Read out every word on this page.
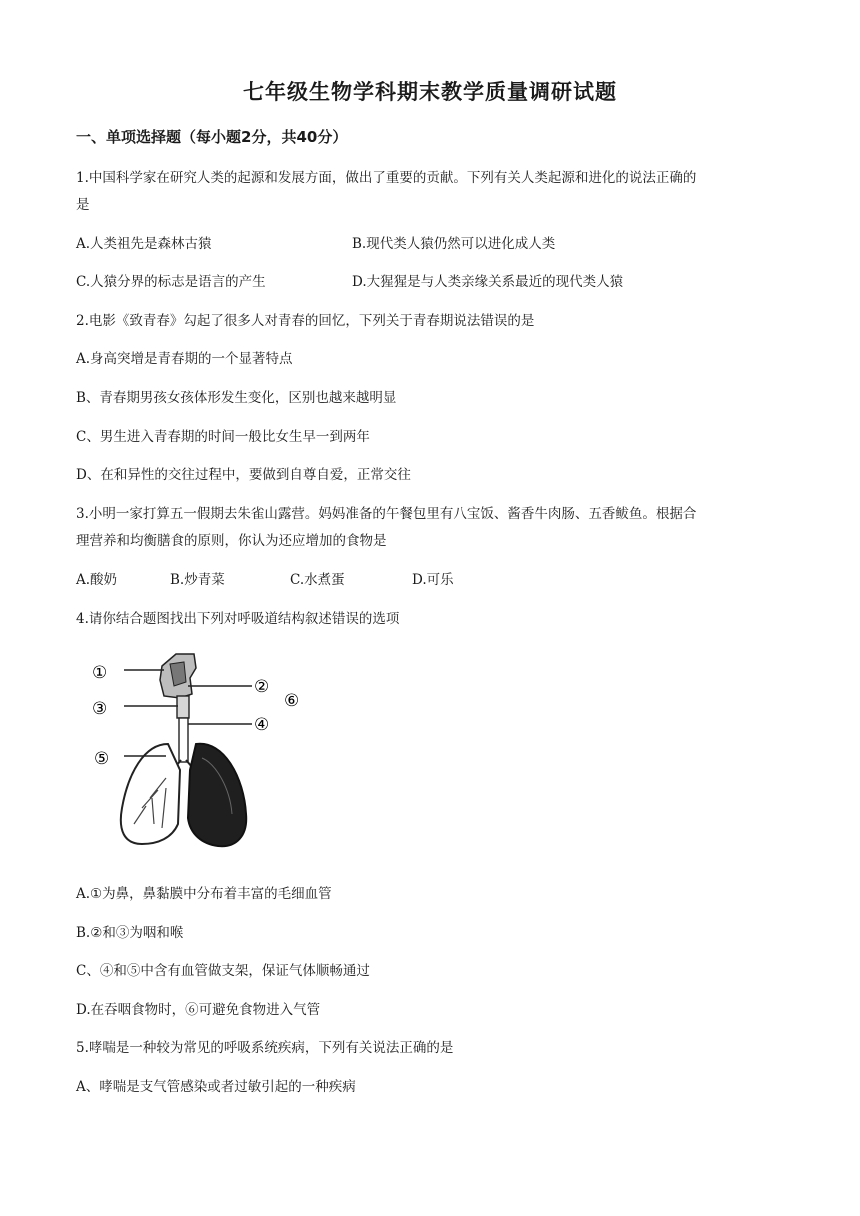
七年级生物学科期末教学质量调研试题
一、单项选择题（每小题2分，共40分）
1.中国科学家在研究人类的起源和发展方面，做出了重要的贡献。下列有关人类起源和进化的说法正确的
是
A.人类祖先是森林古猿	B.现代类人猿仍然可以进化成人类
C.人猿分界的标志是语言的产生	D.大猩猩是与人类亲缘关系最近的现代类人猿
2.电影《致青春》勾起了很多人对青春的回忆，下列关于青春期说法错误的是
A.身高突增是青春期的一个显著特点
B、青春期男孩女孩体形发生变化，区别也越来越明显
C、男生进入青春期的时间一般比女生早一到两年
D、在和异性的交往过程中，要做到自尊自爱，正常交往
3.小明一家打算五一假期去朱雀山露营。妈妈准备的午餐包里有八宝饭、酱香牛肉肠、五香鲅鱼。根据合
理营养和均衡膳食的原则，你认为还应增加的食物是
A.酸奶	B.炒青菜	C.水煮蛋	D.可乐
4.请你结合题图找出下列对呼吸道结构叙述错误的选项
①
②
③
④
⑤
⑥
A.①为鼻，鼻黏膜中分布着丰富的毛细血管
B.②和③为咽和喉
C、④和⑤中含有血管做支架，保证气体顺畅通过
D.在吞咽食物时，⑥可避免食物进入气管
5.哮喘是一种较为常见的呼吸系统疾病，下列有关说法正确的是
A、哮喘是支气管感染或者过敏引起的一种疾病
